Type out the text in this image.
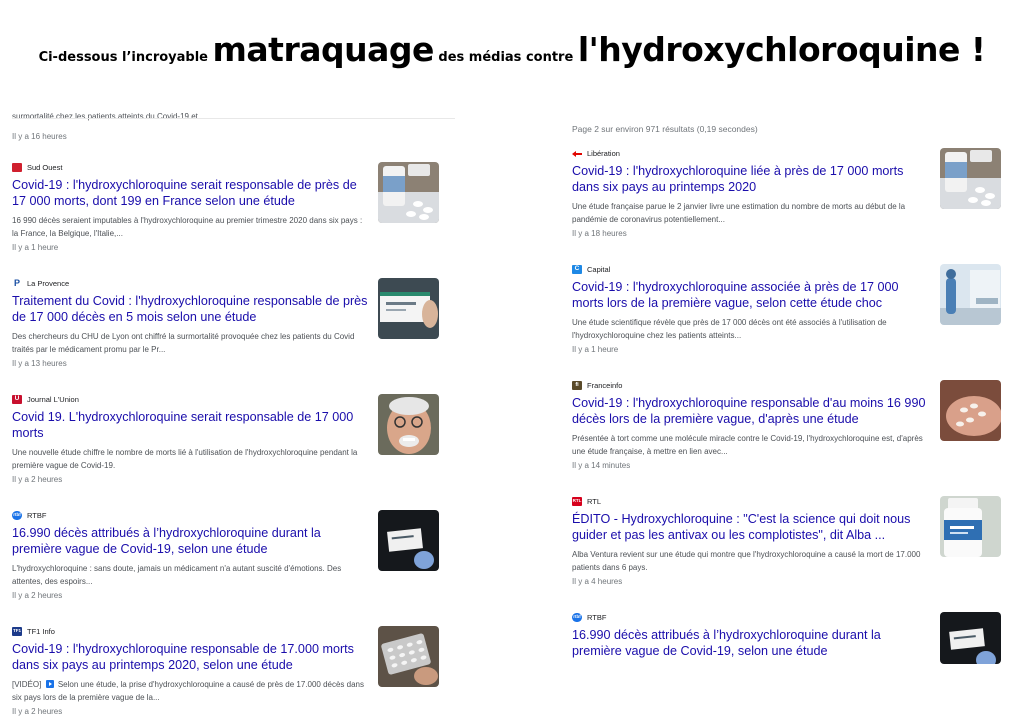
Ci-dessous l’incroyable matraquage des médias contre l'hydroxychloroquine !
surmortalité chez les patients atteints du Covid-19 et...
Il y a 16 heures
Sud Ouest
Covid-19 : l'hydroxychloroquine serait responsable de près de 17 000 morts, dont 199 en France selon une étude
16 990 décès seraient imputables à l'hydroxychloroquine au premier trimestre 2020 dans six pays : la France, la Belgique, l'Italie,...
Il y a 1 heure
P La Provence
Traitement du Covid : l'hydroxychloroquine responsable de près de 17 000 décès en 5 mois selon une étude
Des chercheurs du CHU de Lyon ont chiffré la surmortalité provoquée chez les patients du Covid traités par le médicament promu par le Pr...
Il y a 13 heures
U	Journal L'Union
Covid 19. L'hydroxychloroquine serait responsable de 17 000 morts
Une nouvelle étude chiffre le nombre de morts lié à l'utilisation de l'hydroxychloroquine pendant la première vague de Covid-19.
Il y a 2 heures
rtbf RTBF
16.990 décès attribués à l’hydroxychloroquine durant la première vague de Covid-19, selon une étude
L'hydroxychloroquine : sans doute, jamais un médicament n'a autant suscité d'émotions. Des attentes, des espoirs...
Il y a 2 heures
TF1 TF1 Info
Covid-19 : l'hydroxychloroquine responsable de 17.000 morts dans six pays au printemps 2020, selon une étude
[VIDÉO] Selon une étude, la prise d'hydroxychloroquine a causé de près de 17.000 décès dans six pays lors de la première vague de la...
Il y a 2 heures
Page 2 sur environ 971 résultats (0,19 secondes)
Libération
Covid-19 : l'hydroxychloroquine liée à près de 17 000 morts dans six pays au printemps 2020
Une étude française parue le 2 janvier livre une estimation du nombre de morts au début de la pandémie de coronavirus potentiellement...
Il y a 18 heures
C	Capital
Covid-19 : l'hydroxychloroquine associée à près de 17 000 morts lors de la première vague, selon cette étude choc
Une étude scientifique révèle que près de 17 000 décès ont été associés à l'utilisation de l'hydroxychloroquine chez les patients atteints...
Il y a 1 heure
fi	Franceinfo
Covid-19 : l'hydroxychloroquine responsable d'au moins 16 990 décès lors de la première vague, d'après une étude
Présentée à tort comme une molécule miracle contre le Covid-19, l'hydroxychloroquine est, d'après une étude française, à mettre en lien avec...
Il y a 14 minutes
RTL RTL
ÉDITO - Hydroxychloroquine : "C'est la science qui doit nous guider et pas les antivax ou les complotistes", dit Alba ...
Alba Ventura revient sur une étude qui montre que l'hydroxychloroquine a causé la mort de 17.000 patients dans 6 pays.
Il y a 4 heures
rtbf RTBF
16.990 décès attribués à l’hydroxychloroquine durant la première vague de Covid-19, selon une étude
